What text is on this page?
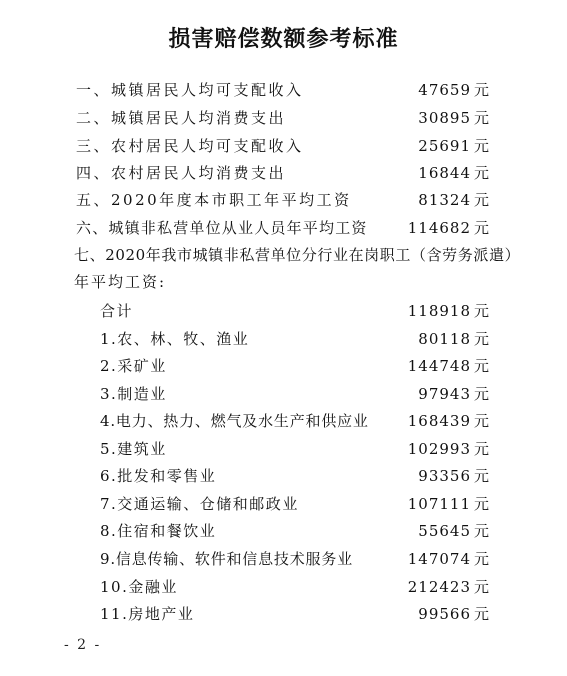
损害赔偿数额参考标准
一、城镇居民人均可支配收入	47659 元
二、城镇居民人均消费支出	30895 元
三、农村居民人均可支配收入	25691 元
四、农村居民人均消费支出	16844 元
五、2020年度本市职工年平均工资	81324 元
六、城镇非私营单位从业人员年平均工资	114682 元
七、2020年我市城镇非私营单位分行业在岗职工（含劳务派遣）
年平均工资:
合计	118918 元
1.农、林、牧、渔业	80118 元
2.采矿业	144748 元
3.制造业	97943 元
4.电力、热力、燃气及水生产和供应业	168439 元
5.建筑业	102993 元
6.批发和零售业	93356 元
7.交通运输、仓储和邮政业	107111 元
8.住宿和餐饮业	55645 元
9.信息传输、软件和信息技术服务业	147074 元
10.金融业	212423 元
11.房地产业	99566 元
- 2 -
